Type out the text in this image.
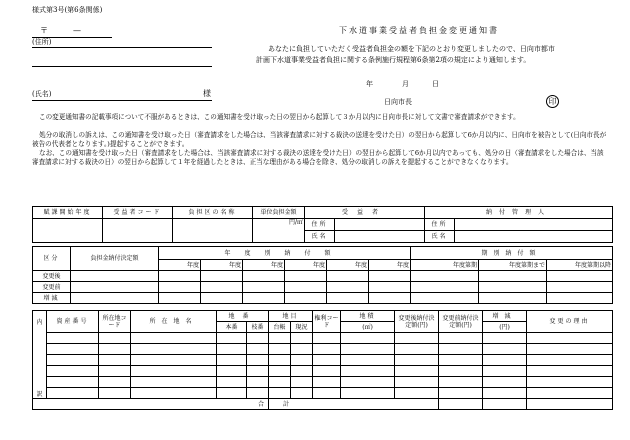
様式第3号(第6条関係)
〒	—
(住所)
(氏名)	様
下水道事業受益者負担金変更通知書
あなたに負担していただく受益者負担金の額を下記のとおり変更しましたので、日向市都市
計画下水道事業受益者負担に関する条例施行規程第6条第2項の規定により通知します。
年	月	日
日向市長	印
この変更通知書の記載事項について不服があるときは、この通知書を受け取った日の翌日から起算して３か月以内に日向市長に対して文書で審査請求ができます。
処分の取消しの訴えは、この通知書を受け取った日（審査請求をした場合は、当該審査請求に対する裁決の送達を受けた日）の翌日から起算して6か月以内に、日向市を被告として(日向市長が被告の代表者となります。)提起することができます。
なお、この通知書を受け取った日（審査請求をした場合は、当該審査請求に対する裁決の送達を受けた日）の翌日から起算して6か月以内であっても、処分の日（審査請求をした場合は、当該審査請求に対する裁決の日）の翌日から起算して１年を経過したときは、正当な理由がある場合を除き、処分の取消しの訴えを提起することができなくなります。
賦課開始年度	受益者コード	負担区の名称	単位負担金額	受益者		納付管理人	
			円/㎡	住所		住所	
				氏名		氏名	
区分	負担金納付決定額	年度別納付額						期別納付額		
		年度	年度	年度	年度	年度	年度	年度第期	年度第期まで	年度第期以降
変更後										
変更前										
増減										
内	資産番号	所在地コード	所在地名	地番		地目		権利コード	地積	変更後納付決定額(円)	変更前納付決定額(円)	増減	変更の理由
				本番	枝番	台帳	現況		(㎡)			(円)	

訳													
合						計							
